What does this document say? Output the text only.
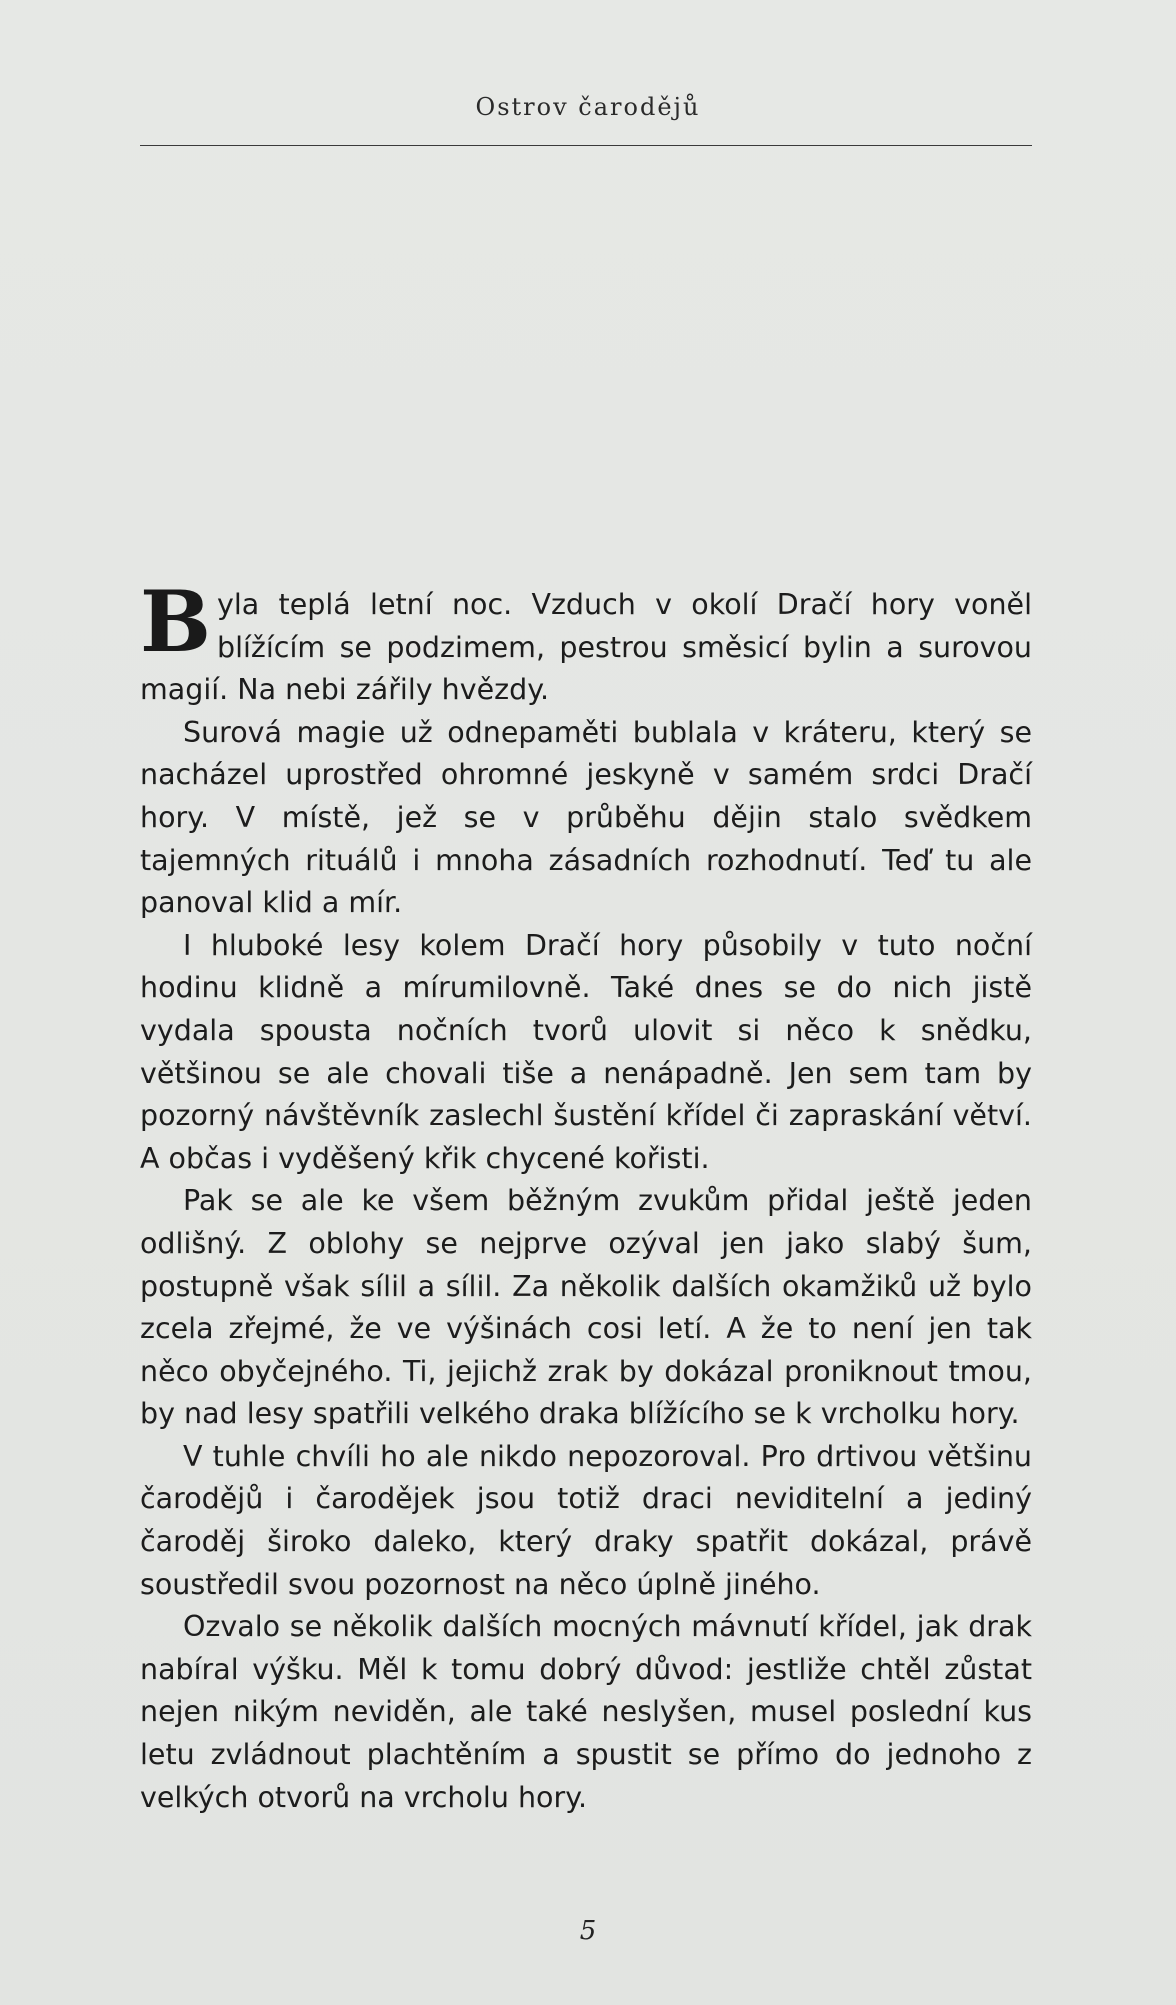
Ostrov čarodějů

Byla teplá letní noc. Vzduch v okolí Dračí hory voněl blížícím se podzimem, pestrou směsicí bylin a surovou magií. Na nebi zářily hvězdy.

Surová magie už odnepaměti bublala v kráteru, který se nacházel uprostřed ohromné jeskyně v samém srdci Dračí hory. V místě, jež se v průběhu dějin stalo svědkem tajemných rituálů i mnoha zásadních rozhodnutí. Teď tu ale panoval klid a mír.

I hluboké lesy kolem Dračí hory působily v tuto noční hodinu klidně a mírumilovně. Také dnes se do nich jistě vydala spousta nočních tvorů ulovit si něco k snědku, většinou se ale chovali tiše a nenápadně. Jen sem tam by pozorný návštěvník zaslechl šustění křídel či zapraskání větví. A občas i vyděšený křik chycené kořisti.

Pak se ale ke všem běžným zvukům přidal ještě jeden odlišný. Z oblohy se nejprve ozýval jen jako slabý šum, postupně však sílil a sílil. Za několik dalších okamžiků už bylo zcela zřejmé, že ve výšinách cosi letí. A že to není jen tak něco obyčejného. Ti, jejichž zrak by dokázal proniknout tmou, by nad lesy spatřili velkého draka blížícího se k vrcholku hory.

V tuhle chvíli ho ale nikdo nepozoroval. Pro drtivou většinu čarodějů i čarodějek jsou totiž draci neviditelní a jediný čaroděj široko daleko, který draky spatřit dokázal, právě soustředil svou pozornost na něco úplně jiného.

Ozvalo se několik dalších mocných mávnutí křídel, jak drak nabíral výšku. Měl k tomu dobrý důvod: jestliže chtěl zůstat nejen nikým neviděn, ale také neslyšen, musel poslední kus letu zvládnout plachtěním a spustit se přímo do jednoho z velkých otvorů na vrcholu hory.

5
